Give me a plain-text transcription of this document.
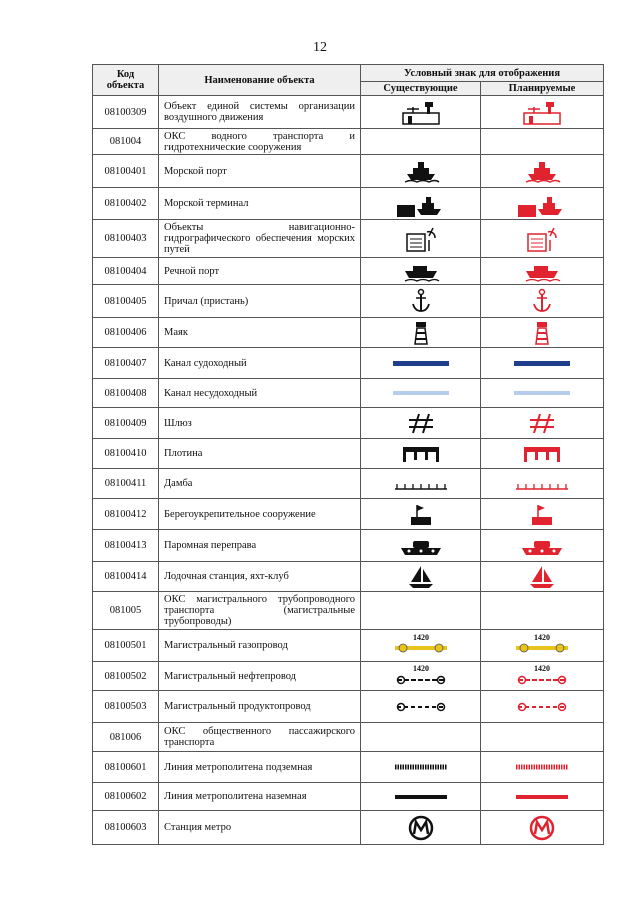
12
Код объекта	Наименование объекта	Условный знак для отображения	
		Существующие	Планируемые
08100309	Объект единой системы организации воздушного движения	

081004	ОКС водного транспорта и гидротехнические сооружения		
08100401	Морской порт	

08100402	Морской терминал	

08100403	Объекты навигационно-гидрографического обеспечения морских путей	

08100404	Речной порт	

08100405	Причал (пристань)	

08100406	Маяк	

08100407	Канал судоходный	

08100408	Канал несудоходный	

08100409	Шлюз	

08100410	Плотина	

08100411	Дамба	

08100412	Берегоукрепительное сооружение	

08100413	Паромная переправа	

08100414	Лодочная станция, яхт-клуб	

081005	ОКС магистрального трубопроводного транспорта (магистральные трубопроводы)		
08100501	Магистральный газопровод	1420	1420

08100502	Магистральный нефтепровод	1420	1420

08100503	Магистральный продуктопровод	

081006	ОКС общественного пассажирского транспорта		
08100601	Линия метрополитена подземная	

08100602	Линия метрополитена наземная	

08100603	Станция метро	
